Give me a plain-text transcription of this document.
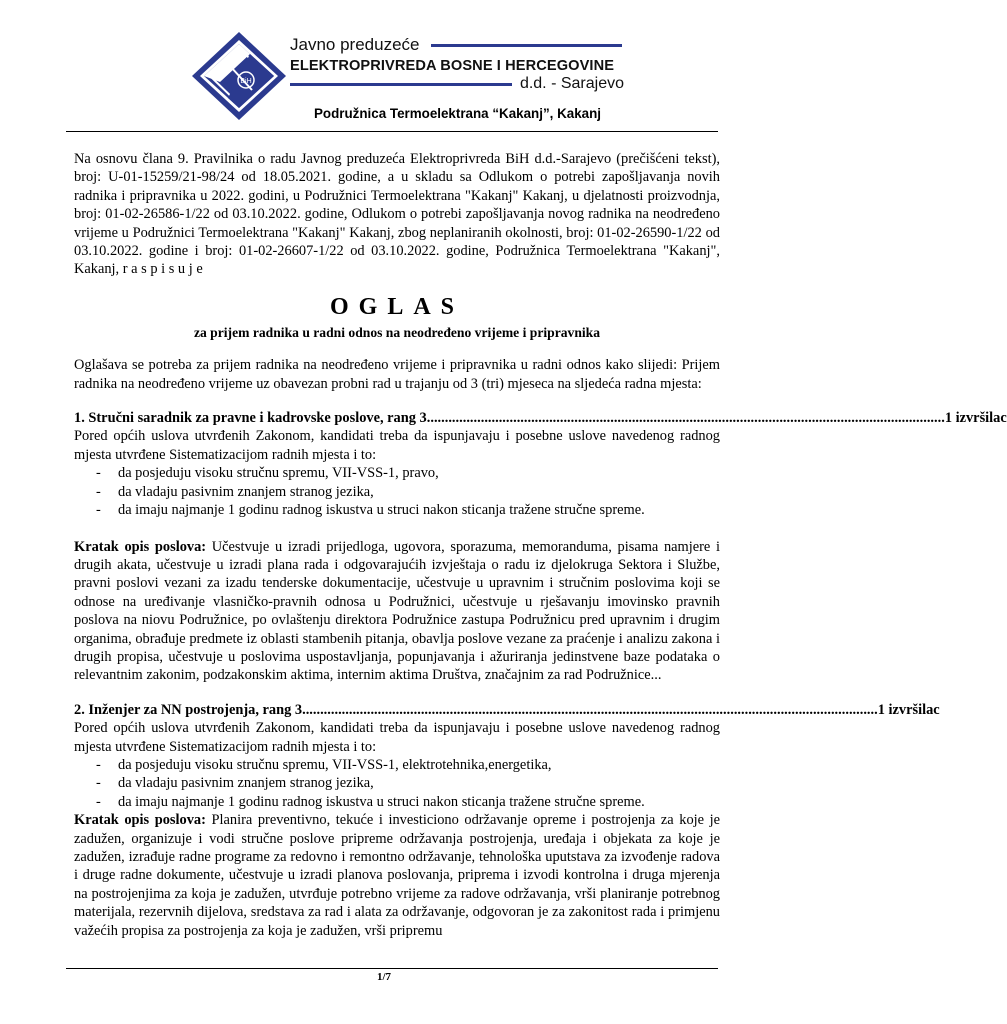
BiH
Javno preduzeće
ELEKTROPRIVREDA BOSNE I HERCEGOVINE
d.d. - Sarajevo
Podružnica Termoelektrana “Kakanj”, Kakanj

Na osnovu člana 9. Pravilnika o radu Javnog preduzeća Elektroprivreda BiH d.d.-Sarajevo (prečišćeni tekst), broj: U-01-15259/21-98/24 od 18.05.2021. godine, a u skladu sa Odlukom o potrebi zapošljavanja novih radnika i pripravnika u 2022. godini, u Podružnici Termoelektrana "Kakanj" Kakanj, u djelatnosti proizvodnja, broj: 01-02-26586-1/22 od 03.10.2022. godine, Odlukom o potrebi zapošljavanja novog radnika na neodređeno vrijeme u Podružnici Termoelektrana "Kakanj" Kakanj, zbog neplaniranih okolnosti, broj: 01-02-26590-1/22 od 03.10.2022. godine i broj: 01-02-26607-1/22 od 03.10.2022. godine, Podružnica Termoelektrana "Kakanj", Kakanj, r a s p i s u j e

OGLAS
za prijem radnika u radni odnos na neodređeno vrijeme i pripravnika

Oglašava se potreba za prijem radnika na neodređeno vrijeme i pripravnika u radni odnos kako slijedi: Prijem radnika na neodređeno vrijeme uz obavezan probni rad u trajanju od 3 (tri) mjeseca na sljedeća radna mjesta:

1. Stručni saradnik za pravne i kadrovske poslove, rang 3 ................................................................................................................................................ 1 izvršilac

Pored općih uslova utvrđenih Zakonom, kandidati treba da ispunjavaju i posebne uslove navedenog radnog mjesta utvrđene Sistematizacijom radnih mjesta i to:

- da posjeduju visoku stručnu spremu, VII-VSS-1, pravo,
- da vladaju pasivnim znanjem stranog jezika,
- da imaju najmanje 1 godinu radnog iskustva u struci nakon sticanja tražene stručne spreme.

Kratak opis poslova: Učestvuje u izradi prijedloga, ugovora, sporazuma, memoranduma, pisama namjere i drugih akata, učestvuje u izradi plana rada i odgovarajućih izvještaja o radu iz djelokruga Sektora i Službe, pravni poslovi vezani za izadu tenderske dokumentacije, učestvuje u upravnim i stručnim poslovima koji se odnose na uređivanje vlasničko-pravnih odnosa u Podružnici, učestvuje u rješavanju imovinsko pravnih poslova na niovu Podružnice, po ovlaštenju direktora Podružnice zastupa Podružnicu pred upravnim i drugim organima, obrađuje predmete iz oblasti stambenih pitanja, obavlja poslove vezane za praćenje i analizu zakona i drugih propisa, učestvuje u poslovima uspostavljanja, popunjavanja i ažuriranja jedinstvene baze podataka o relevantnim zakonim, podzakonskim aktima, internim aktima Društva, značajnim za rad Podružnice...

2. Inženjer za NN postrojenja, rang 3 ................................................................................................................................................................ 1 izvršilac

Pored općih uslova utvrđenih Zakonom, kandidati treba da ispunjavaju i posebne uslove navedenog radnog mjesta utvrđene Sistematizacijom radnih mjesta i to:

- da posjeduju visoku stručnu spremu, VII-VSS-1, elektrotehnika,energetika,
- da vladaju pasivnim znanjem stranog jezika,
- da imaju najmanje 1 godinu radnog iskustva u struci nakon sticanja tražene stručne spreme.

Kratak opis poslova: Planira preventivno, tekuće i investiciono održavanje opreme i postrojenja za koje je zadužen, organizuje i vodi stručne poslove pripreme održavanja postrojenja, uređaja i objekata za koje je zadužen, izrađuje radne programe za redovno i remontno održavanje, tehnološka uputstava za izvođenje radova i druge radne dokumente, učestvuje u izradi planova poslovanja, priprema i izvodi kontrolna i druga mjerenja na postrojenjima za koja je zadužen, utvrđuje potrebno vrijeme za radove održavanja, vrši planiranje potrebnog materijala, rezervnih dijelova, sredstava za rad i alata za održavanje, odgovoran je za zakonitost rada i primjenu važećih propisa za postrojenja za koja je zadužen, vrši pripremu

1/7
